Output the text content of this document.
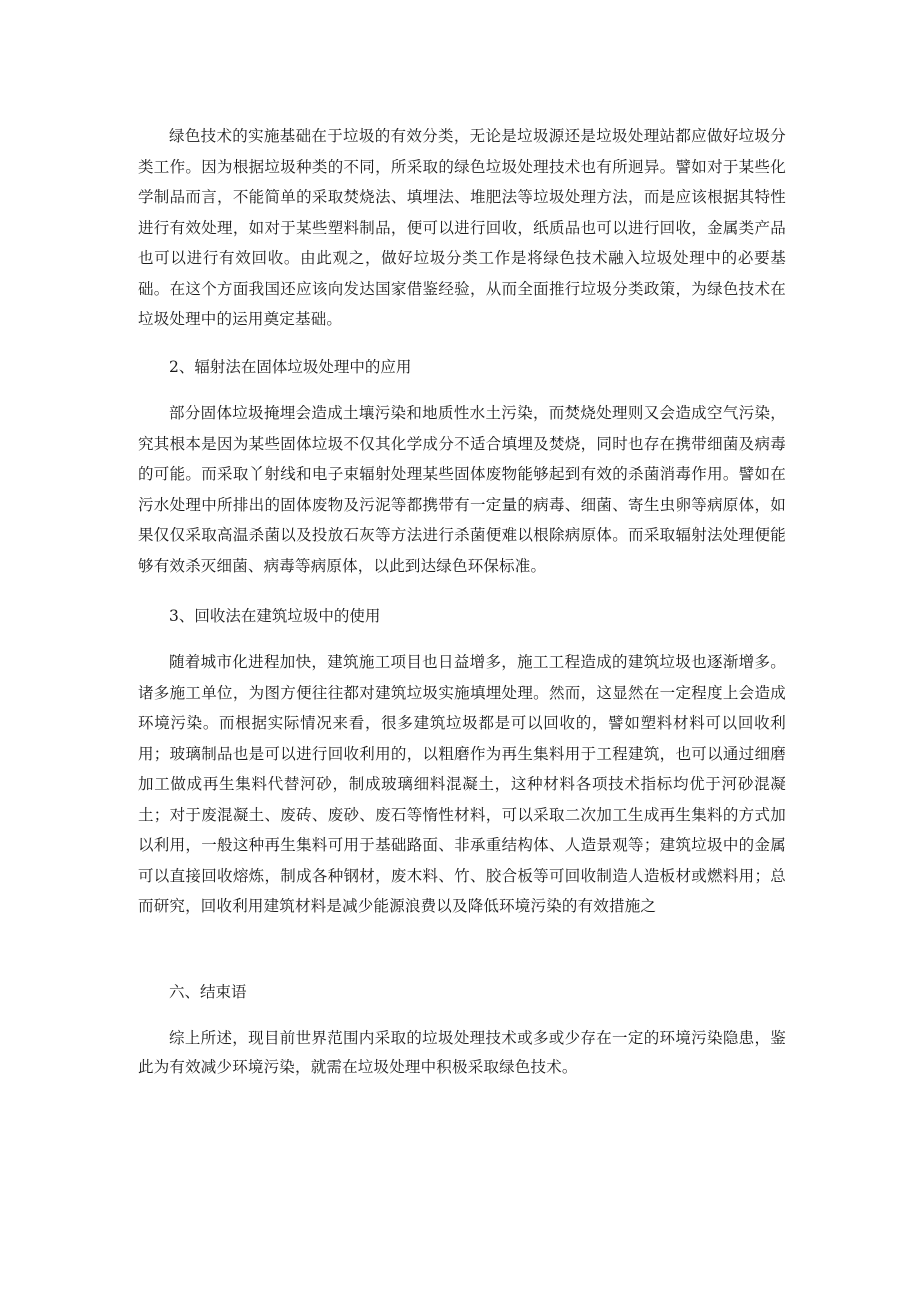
绿色技术的实施基础在于垃圾的有效分类，无论是垃圾源还是垃圾处理站都应做好垃圾分类工作。因为根据垃圾种类的不同，所采取的绿色垃圾处理技术也有所迥异。譬如对于某些化学制品而言，不能简单的采取焚烧法、填埋法、堆肥法等垃圾处理方法，而是应该根据其特性进行有效处理，如对于某些塑料制品，便可以进行回收，纸质品也可以进行回收，金属类产品也可以进行有效回收。由此观之，做好垃圾分类工作是将绿色技术融入垃圾处理中的必要基础。在这个方面我国还应该向发达国家借鉴经验，从而全面推行垃圾分类政策，为绿色技术在垃圾处理中的运用奠定基础。

2、辐射法在固体垃圾处理中的应用

部分固体垃圾掩埋会造成土壤污染和地质性水土污染，而焚烧处理则又会造成空气污染，究其根本是因为某些固体垃圾不仅其化学成分不适合填埋及焚烧，同时也存在携带细菌及病毒的可能。而采取丫射线和电子束辐射处理某些固体废物能够起到有效的杀菌消毒作用。譬如在污水处理中所排出的固体废物及污泥等都携带有一定量的病毒、细菌、寄生虫卵等病原体，如果仅仅采取高温杀菌以及投放石灰等方法进行杀菌便难以根除病原体。而采取辐射法处理便能够有效杀灭细菌、病毒等病原体，以此到达绿色环保标准。

3、回收法在建筑垃圾中的使用

随着城市化进程加快，建筑施工项目也日益增多，施工工程造成的建筑垃圾也逐渐增多。诸多施工单位，为图方便往往都对建筑垃圾实施填埋处理。然而，这显然在一定程度上会造成环境污染。而根据实际情况来看，很多建筑垃圾都是可以回收的，譬如塑料材料可以回收利用；玻璃制品也是可以进行回收利用的，以粗磨作为再生集料用于工程建筑，也可以通过细磨加工做成再生集料代替河砂，制成玻璃细料混凝土，这种材料各项技术指标均优于河砂混凝土；对于废混凝土、废砖、废砂、废石等惰性材料，可以采取二次加工生成再生集料的方式加以利用，一般这种再生集料可用于基础路面、非承重结构体、人造景观等；建筑垃圾中的金属可以直接回收熔炼，制成各种钢材，废木料、竹、胶合板等可回收制造人造板材或燃料用；总而研究，回收利用建筑材料是减少能源浪费以及降低环境污染的有效措施之

六、结束语

综上所述，现目前世界范围内采取的垃圾处理技术或多或少存在一定的环境污染隐患，鉴此为有效减少环境污染，就需在垃圾处理中积极采取绿色技术。
